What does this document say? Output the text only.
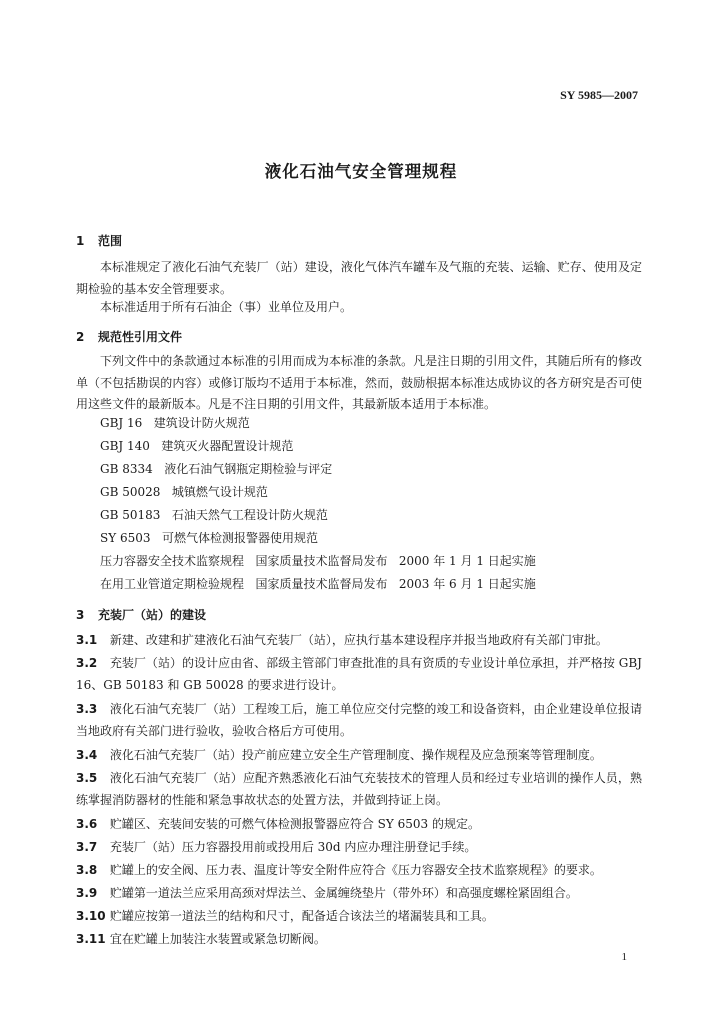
SY 5985—2007
液化石油气安全管理规程
1 范围
本标准规定了液化石油气充装厂（站）建设，液化气体汽车罐车及气瓶的充装、运输、贮存、使用及定期检验的基本安全管理要求。
本标准适用于所有石油企（事）业单位及用户。
2 规范性引用文件
下列文件中的条款通过本标准的引用而成为本标准的条款。凡是注日期的引用文件，其随后所有的修改单（不包括勘误的内容）或修订版均不适用于本标准，然而，鼓励根据本标准达成协议的各方研究是否可使用这些文件的最新版本。凡是不注日期的引用文件，其最新版本适用于本标准。
GBJ 16   建筑设计防火规范
GBJ 140   建筑灭火器配置设计规范
GB 8334   液化石油气钢瓶定期检验与评定
GB 50028   城镇燃气设计规范
GB 50183   石油天然气工程设计防火规范
SY 6503   可燃气体检测报警器使用规范
压力容器安全技术监察规程   国家质量技术监督局发布   2000 年 1 月 1 日起实施
在用工业管道定期检验规程   国家质量技术监督局发布   2003 年 6 月 1 日起实施
3 充装厂（站）的建设
3.1 新建、改建和扩建液化石油气充装厂（站），应执行基本建设程序并报当地政府有关部门审批。
3.2 充装厂（站）的设计应由省、部级主管部门审查批准的具有资质的专业设计单位承担，并严格按 GBJ 16、GB 50183 和 GB 50028 的要求进行设计。
3.3 液化石油气充装厂（站）工程竣工后，施工单位应交付完整的竣工和设备资料，由企业建设单位报请当地政府有关部门进行验收，验收合格后方可使用。
3.4 液化石油气充装厂（站）投产前应建立安全生产管理制度、操作规程及应急预案等管理制度。
3.5 液化石油气充装厂（站）应配齐熟悉液化石油气充装技术的管理人员和经过专业培训的操作人员，熟练掌握消防器材的性能和紧急事故状态的处置方法，并做到持证上岗。
3.6 贮罐区、充装间安装的可燃气体检测报警器应符合 SY 6503 的规定。
3.7 充装厂（站）压力容器投用前或投用后 30d 内应办理注册登记手续。
3.8 贮罐上的安全阀、压力表、温度计等安全附件应符合《压力容器安全技术监察规程》的要求。
3.9 贮罐第一道法兰应采用高颈对焊法兰、金属缠绕垫片（带外环）和高强度螺栓紧固组合。
3.10 贮罐应按第一道法兰的结构和尺寸，配备适合该法兰的堵漏装具和工具。
3.11 宜在贮罐上加装注水装置或紧急切断阀。
1
